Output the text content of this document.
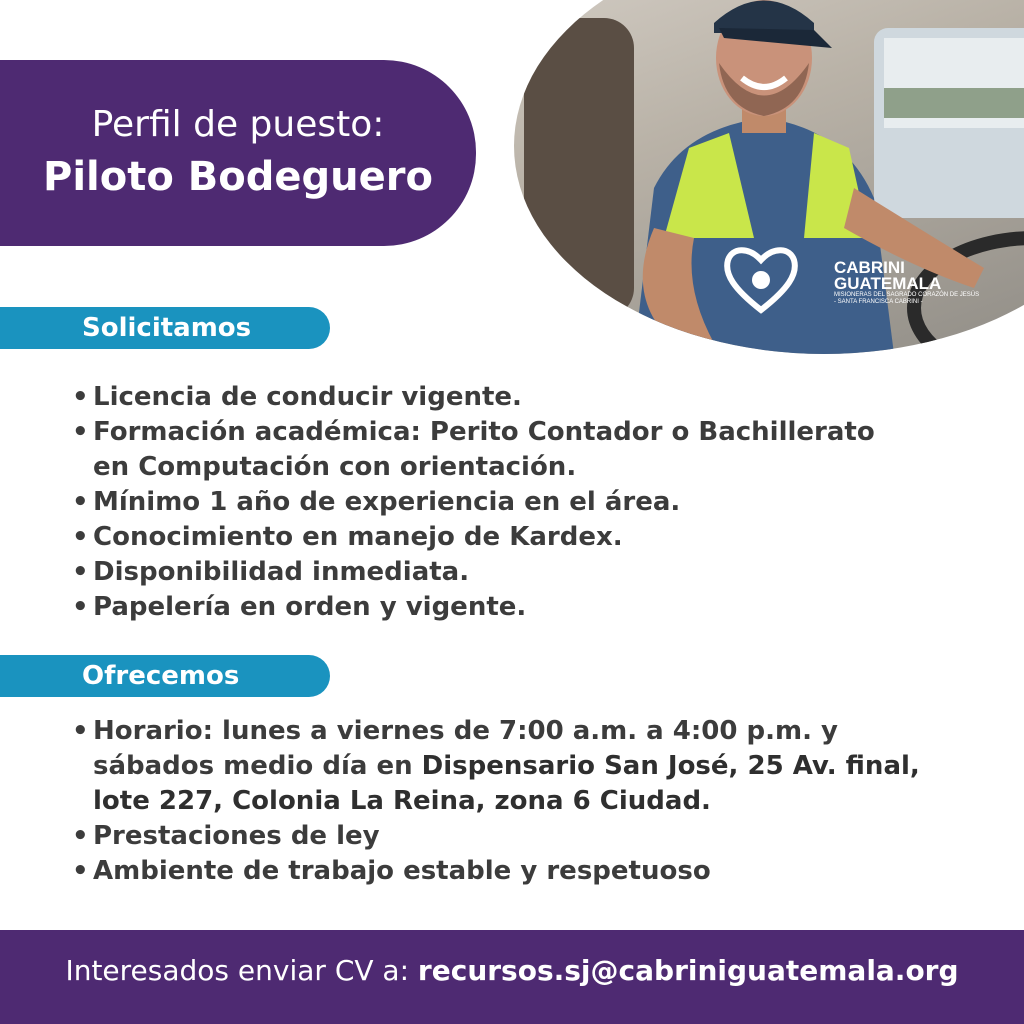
Perfil de puesto:
Piloto Bodeguero
CABRINI
GUATEMALA
MISIONERAS DEL SAGRADO CORAZÓN DE JESÚS
- SANTA FRANCISCA CABRINI -
Solicitamos
• Licencia de conducir vigente.
• Formación académica: Perito Contador o Bachillerato en Computación con orientación.
• Mínimo 1 año de experiencia en el área.
• Conocimiento en manejo de Kardex.
• Disponibilidad inmediata.
• Papelería en orden y vigente.
Ofrecemos
• Horario: lunes a viernes de 7:00 a.m. a 4:00 p.m. y sábados medio día en Dispensario San José, 25 Av. final, lote 227, Colonia La Reina, zona 6 Ciudad.
• Prestaciones de ley
• Ambiente de trabajo estable y respetuoso
Interesados enviar CV a: recursos.sj@cabriniguatemala.org
